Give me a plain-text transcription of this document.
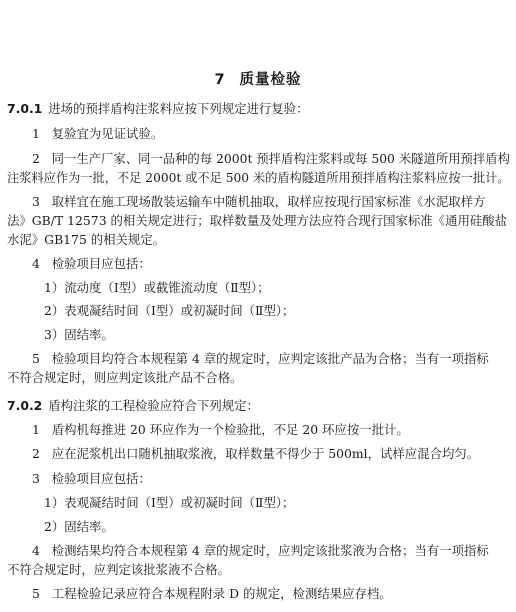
7 质量检验
7.0.1 进场的预拌盾构注浆料应按下列规定进行复验：
1 复验宜为见证试验。
2 同一生产厂家、同一品种的每 2000t 预拌盾构注浆料或每 500 米隧道所用预拌盾构
注浆料应作为一批，不足 2000t 或不足 500 米的盾构隧道所用预拌盾构注浆料应按一批计。
3 取样宜在施工现场散装运输车中随机抽取，取样应按现行国家标准《水泥取样方
法》GB/T 12573 的相关规定进行；取样数量及处理方法应符合现行国家标准《通用硅酸盐
水泥》GB175 的相关规定。
4 检验项目应包括：
1）流动度（Ⅰ型）或截锥流动度（Ⅱ型）；
2）表观凝结时间（Ⅰ型）或初凝时间（Ⅱ型）；
3）固结率。
5 检验项目均符合本规程第 4 章的规定时，应判定该批产品为合格；当有一项指标
不符合规定时，则应判定该批产品不合格。
7.0.2 盾构注浆的工程检验应符合下列规定：
1 盾构机每推进 20 环应作为一个检验批，不足 20 环应按一批计。
2 应在泥浆机出口随机抽取浆液，取样数量不得少于 500ml，试样应混合均匀。
3 检验项目应包括：
1）表观凝结时间（Ⅰ型）或初凝时间（Ⅱ型）；
2）固结率。
4 检测结果均符合本规程第 4 章的规定时，应判定该批浆液为合格；当有一项指标
不符合规定时，应判定该批浆液不合格。
5 工程检验记录应符合本规程附录 D 的规定，检测结果应存档。
